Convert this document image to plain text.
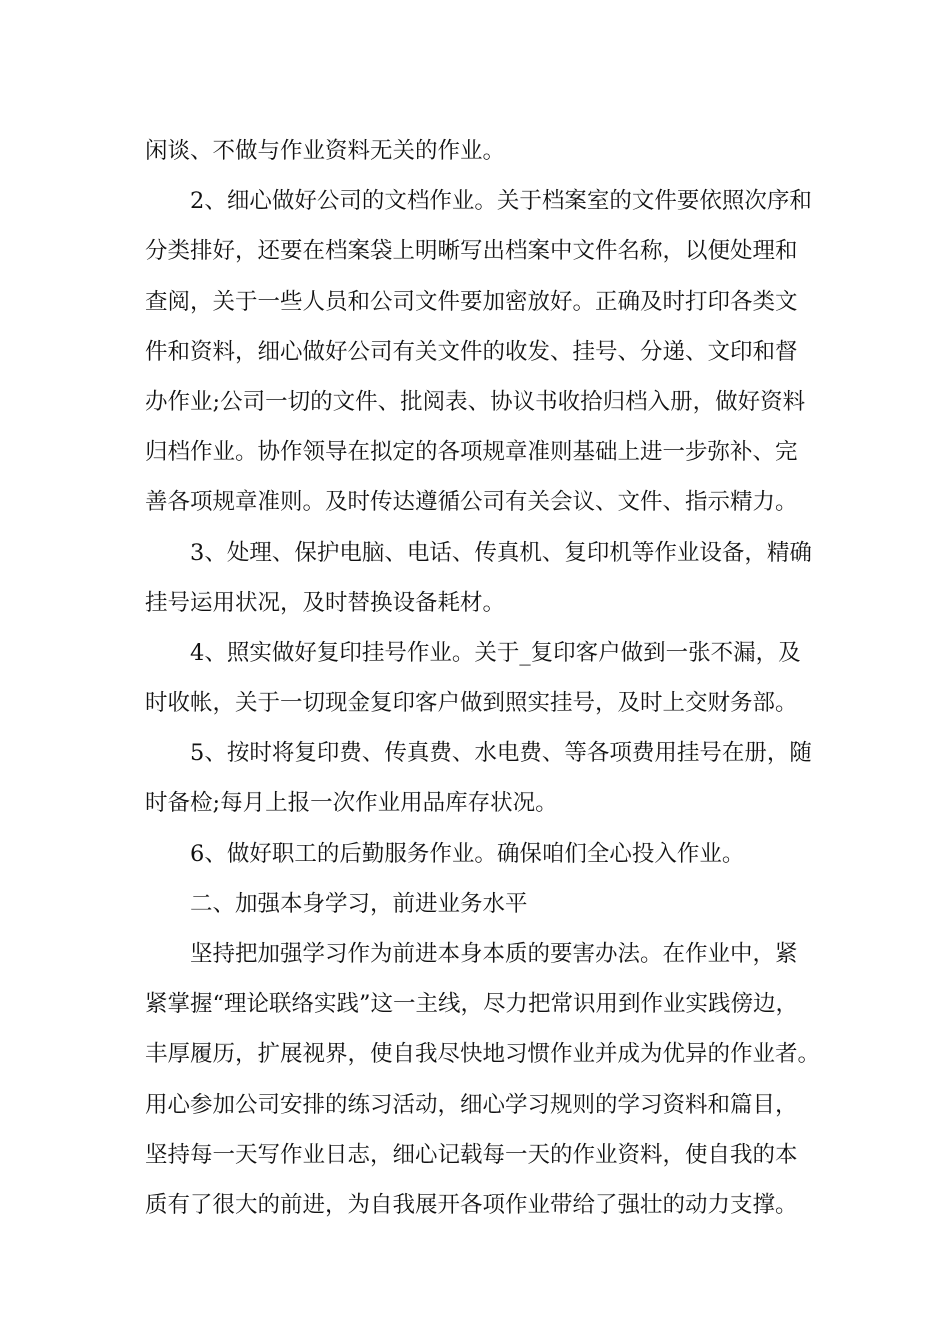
闲谈、不做与作业资料无关的作业。

2、细心做好公司的文档作业。关于档案室的文件要依照次序和
分类排好，还要在档案袋上明晰写出档案中文件名称，以便处理和
查阅，关于一些人员和公司文件要加密放好。正确及时打印各类文
件和资料，细心做好公司有关文件的收发、挂号、分递、文印和督
办作业;公司一切的文件、批阅表、协议书收拾归档入册，做好资料
归档作业。协作领导在拟定的各项规章准则基础上进一步弥补、完
善各项规章准则。及时传达遵循公司有关会议、文件、指示精力。

3、处理、保护电脑、电话、传真机、复印机等作业设备，精确
挂号运用状况，及时替换设备耗材。

4、照实做好复印挂号作业。关于_复印客户做到一张不漏，及
时收帐，关于一切现金复印客户做到照实挂号，及时上交财务部。

5、按时将复印费、传真费、水电费、等各项费用挂号在册，随
时备检;每月上报一次作业用品库存状况。

6、做好职工的后勤服务作业。确保咱们全心投入作业。

二、加强本身学习，前进业务水平

坚持把加强学习作为前进本身本质的要害办法。在作业中，紧
紧掌握“理论联络实践”这一主线，尽力把常识用到作业实践傍边，
丰厚履历，扩展视界，使自我尽快地习惯作业并成为优异的作业者。
用心参加公司安排的练习活动，细心学习规则的学习资料和篇目，
坚持每一天写作业日志，细心记载每一天的作业资料，使自我的本
质有了很大的前进，为自我展开各项作业带给了强壮的动力支撑。
